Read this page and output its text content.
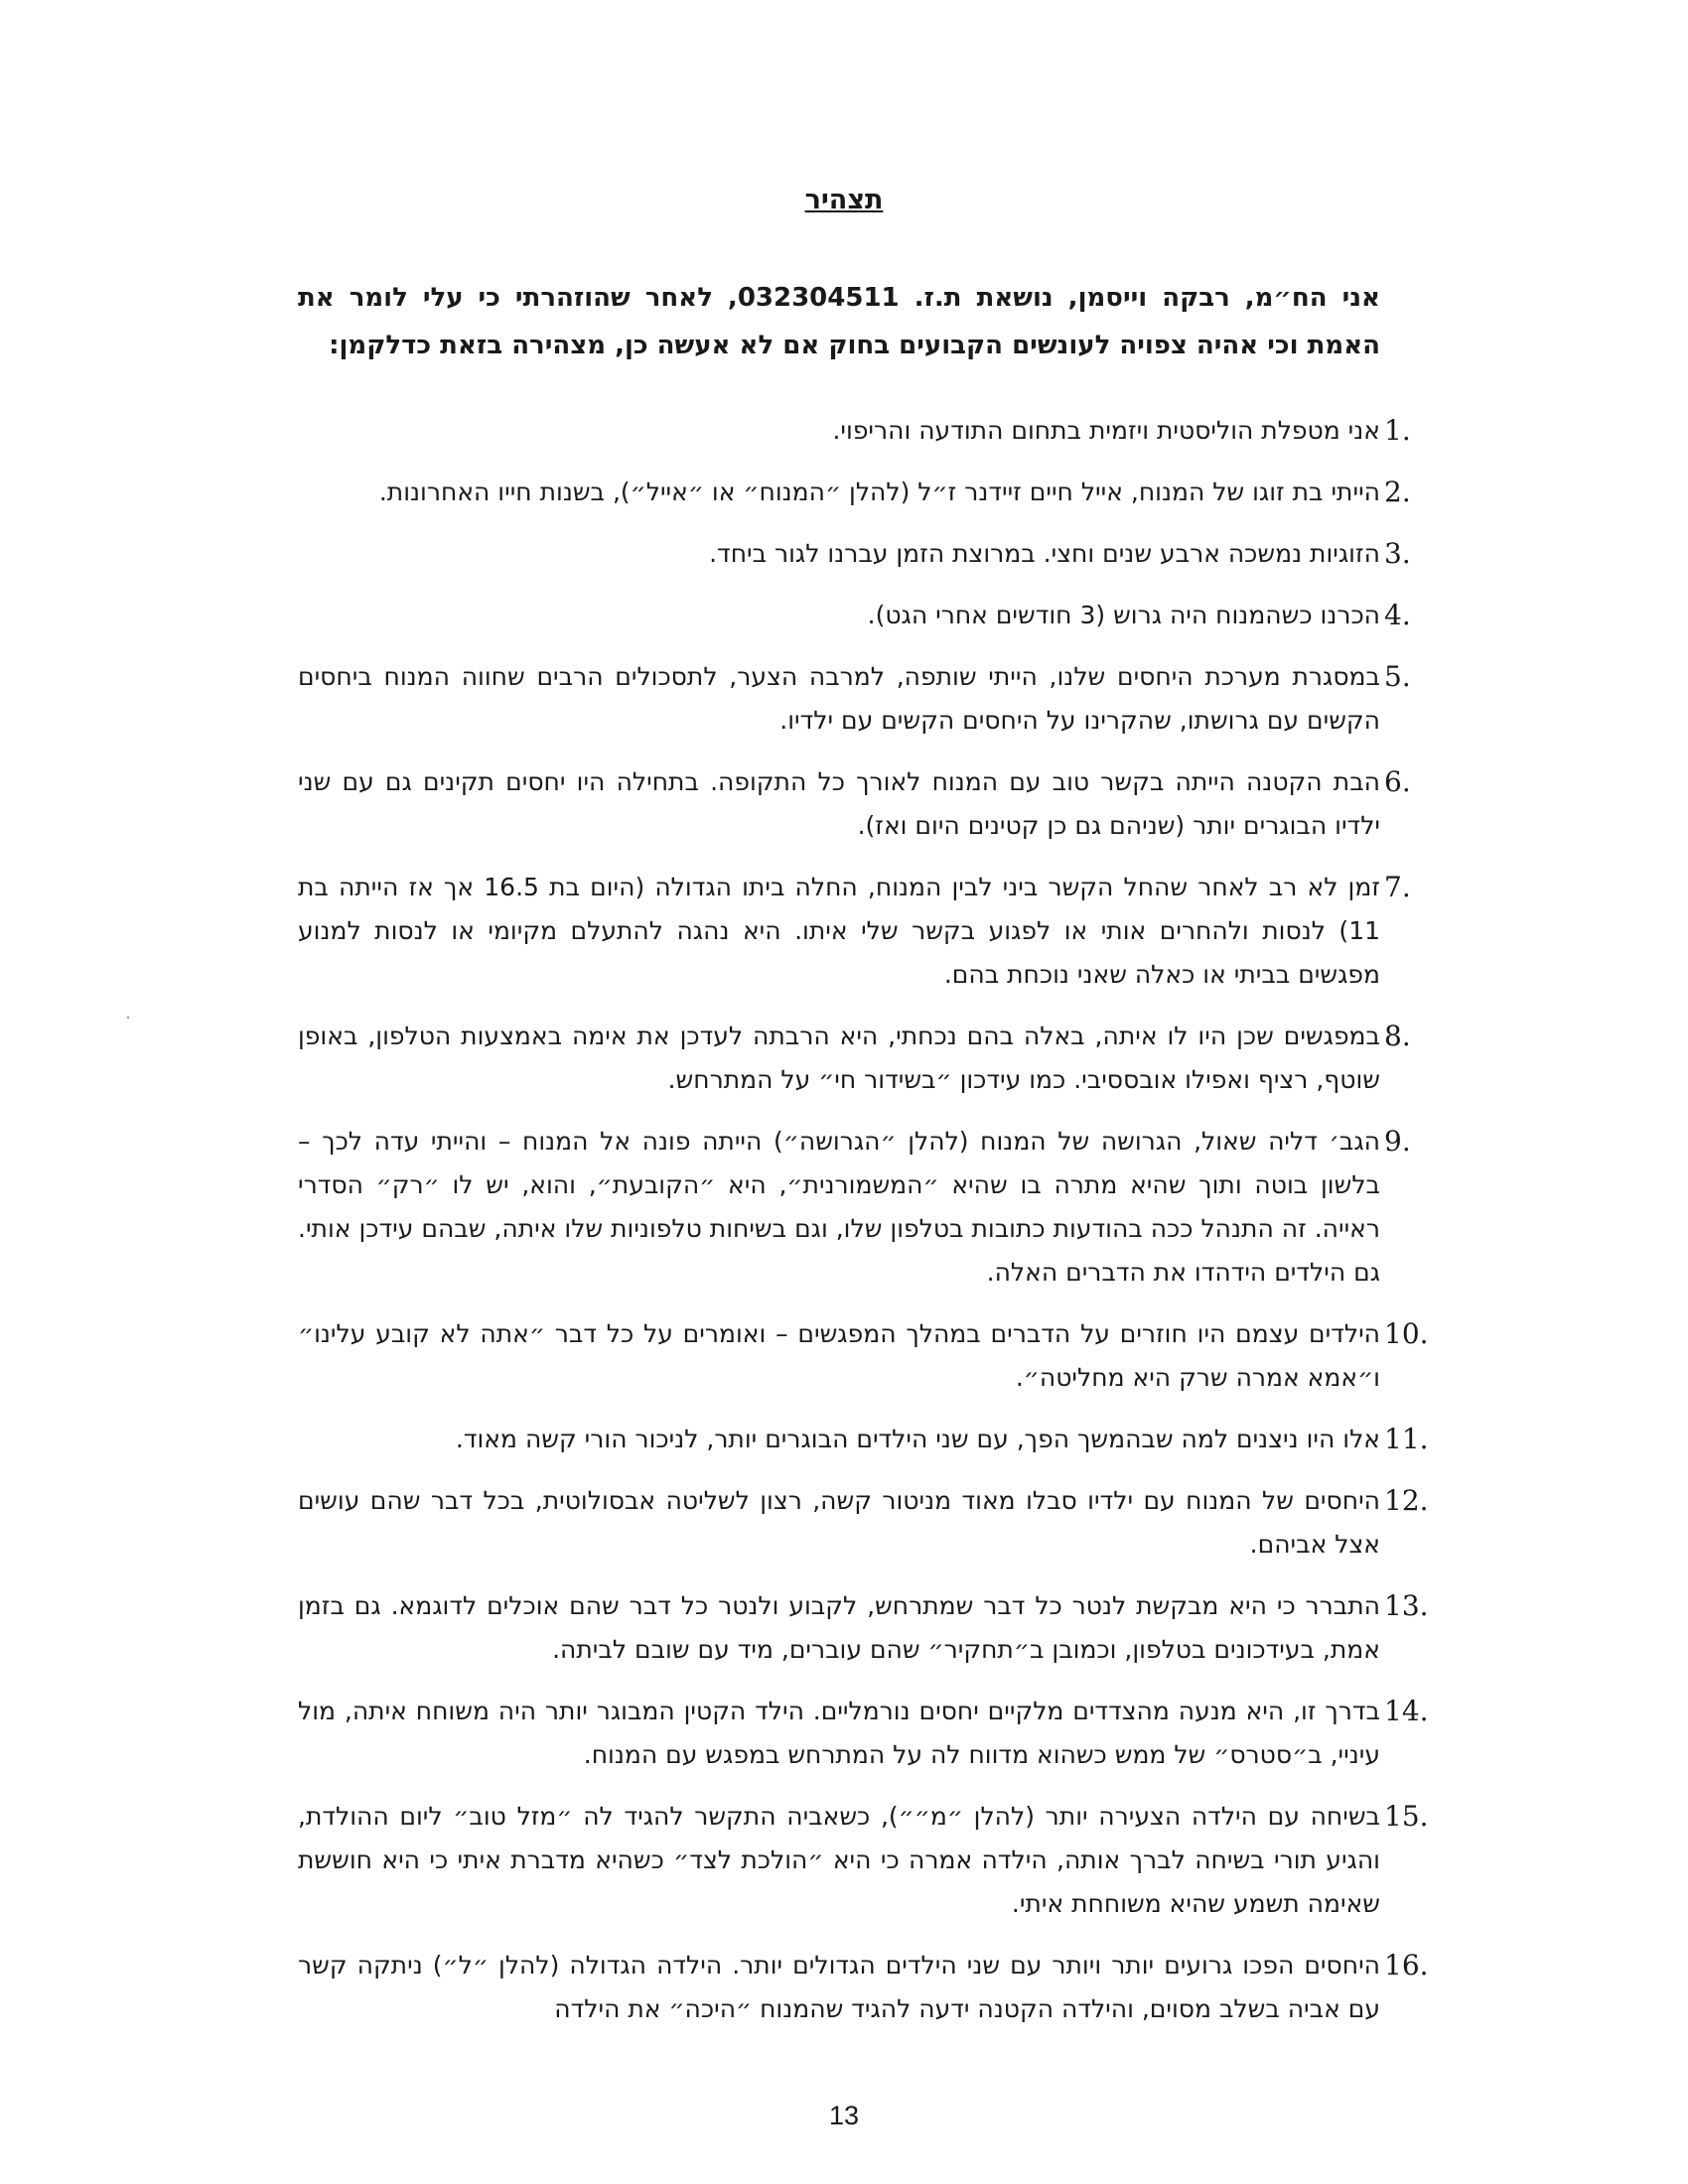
תצהיר
אני הח״מ, רבקה וייסמן, נושאת ת.ז. 032304511, לאחר שהוזהרתי כי עלי לומר את האמת וכי אהיה צפויה לעונשים הקבועים בחוק אם לא אעשה כן, מצהירה בזאת כדלקמן:
1.
אני מטפלת הוליסטית ויזמית בתחום התודעה והריפוי.
2.
הייתי בת זוגו של המנוח, אייל חיים זיידנר ז״ל (להלן ״המנוח״ או ״אייל״), בשנות חייו האחרונות.
3.
הזוגיות נמשכה ארבע שנים וחצי. במרוצת הזמן עברנו לגור ביחד.
4.
הכרנו כשהמנוח היה גרוש (3 חודשים אחרי הגט).
5.
במסגרת מערכת היחסים שלנו, הייתי שותפה, למרבה הצער, לתסכולים הרבים שחווה המנוח ביחסים הקשים עם גרושתו, שהקרינו על היחסים הקשים עם ילדיו.
6.
הבת הקטנה הייתה בקשר טוב עם המנוח לאורך כל התקופה. בתחילה היו יחסים תקינים גם עם שני ילדיו הבוגרים יותר (שניהם גם כן קטינים היום ואז).
7.
זמן לא רב לאחר שהחל הקשר ביני לבין המנוח, החלה ביתו הגדולה (היום בת 16.5 אך אז הייתה בת 11) לנסות ולהחרים אותי או לפגוע בקשר שלי איתו. היא נהגה להתעלם מקיומי או לנסות למנוע מפגשים בביתי או כאלה שאני נוכחת בהם.
8.
במפגשים שכן היו לו איתה, באלה בהם נכחתי, היא הרבתה לעדכן את אימה באמצעות הטלפון, באופן שוטף, רציף ואפילו אובססיבי. כמו עידכון ״בשידור חי״ על המתרחש.
9.
הגב׳ דליה שאול, הגרושה של המנוח (להלן ״הגרושה״) הייתה פונה אל המנוח – והייתי עדה לכך – בלשון בוטה ותוך שהיא מתרה בו שהיא ״המשמורנית״, היא ״הקובעת״, והוא, יש לו ״רק״ הסדרי ראייה. זה התנהל ככה בהודעות כתובות בטלפון שלו, וגם בשיחות טלפוניות שלו איתה, שבהם עידכן אותי. גם הילדים הידהדו את הדברים האלה.
10.
הילדים עצמם היו חוזרים על הדברים במהלך המפגשים – ואומרים על כל דבר ״אתה לא קובע עלינו״ ו״אמא אמרה שרק היא מחליטה״.
11.
אלו היו ניצנים למה שבהמשך הפך, עם שני הילדים הבוגרים יותר, לניכור הורי קשה מאוד.
12.
היחסים של המנוח עם ילדיו סבלו מאוד מניטור קשה, רצון לשליטה אבסולוטית, בכל דבר שהם עושים אצל אביהם.
13.
התברר כי היא מבקשת לנטר כל דבר שמתרחש, לקבוע ולנטר כל דבר שהם אוכלים לדוגמא. גם בזמן אמת, בעידכונים בטלפון, וכמובן ב״תחקיר״ שהם עוברים, מיד עם שובם לביתה.
14.
בדרך זו, היא מנעה מהצדדים מלקיים יחסים נורמליים. הילד הקטין המבוגר יותר היה משוחח איתה, מול עיניי, ב״סטרס״ של ממש כשהוא מדווח לה על המתרחש במפגש עם המנוח.
15.
בשיחה עם הילדה הצעירה יותר (להלן ״מ״״), כשאביה התקשר להגיד לה ״מזל טוב״ ליום ההולדת, והגיע תורי בשיחה לברך אותה, הילדה אמרה כי היא ״הולכת לצד״ כשהיא מדברת איתי כי היא חוששת שאימה תשמע שהיא משוחחת איתי.
16.
היחסים הפכו גרועים יותר ויותר עם שני הילדים הגדולים יותר. הילדה הגדולה (להלן ״ל״) ניתקה קשר עם אביה בשלב מסוים, והילדה הקטנה ידעה להגיד שהמנוח ״היכה״ את הילדה
13
